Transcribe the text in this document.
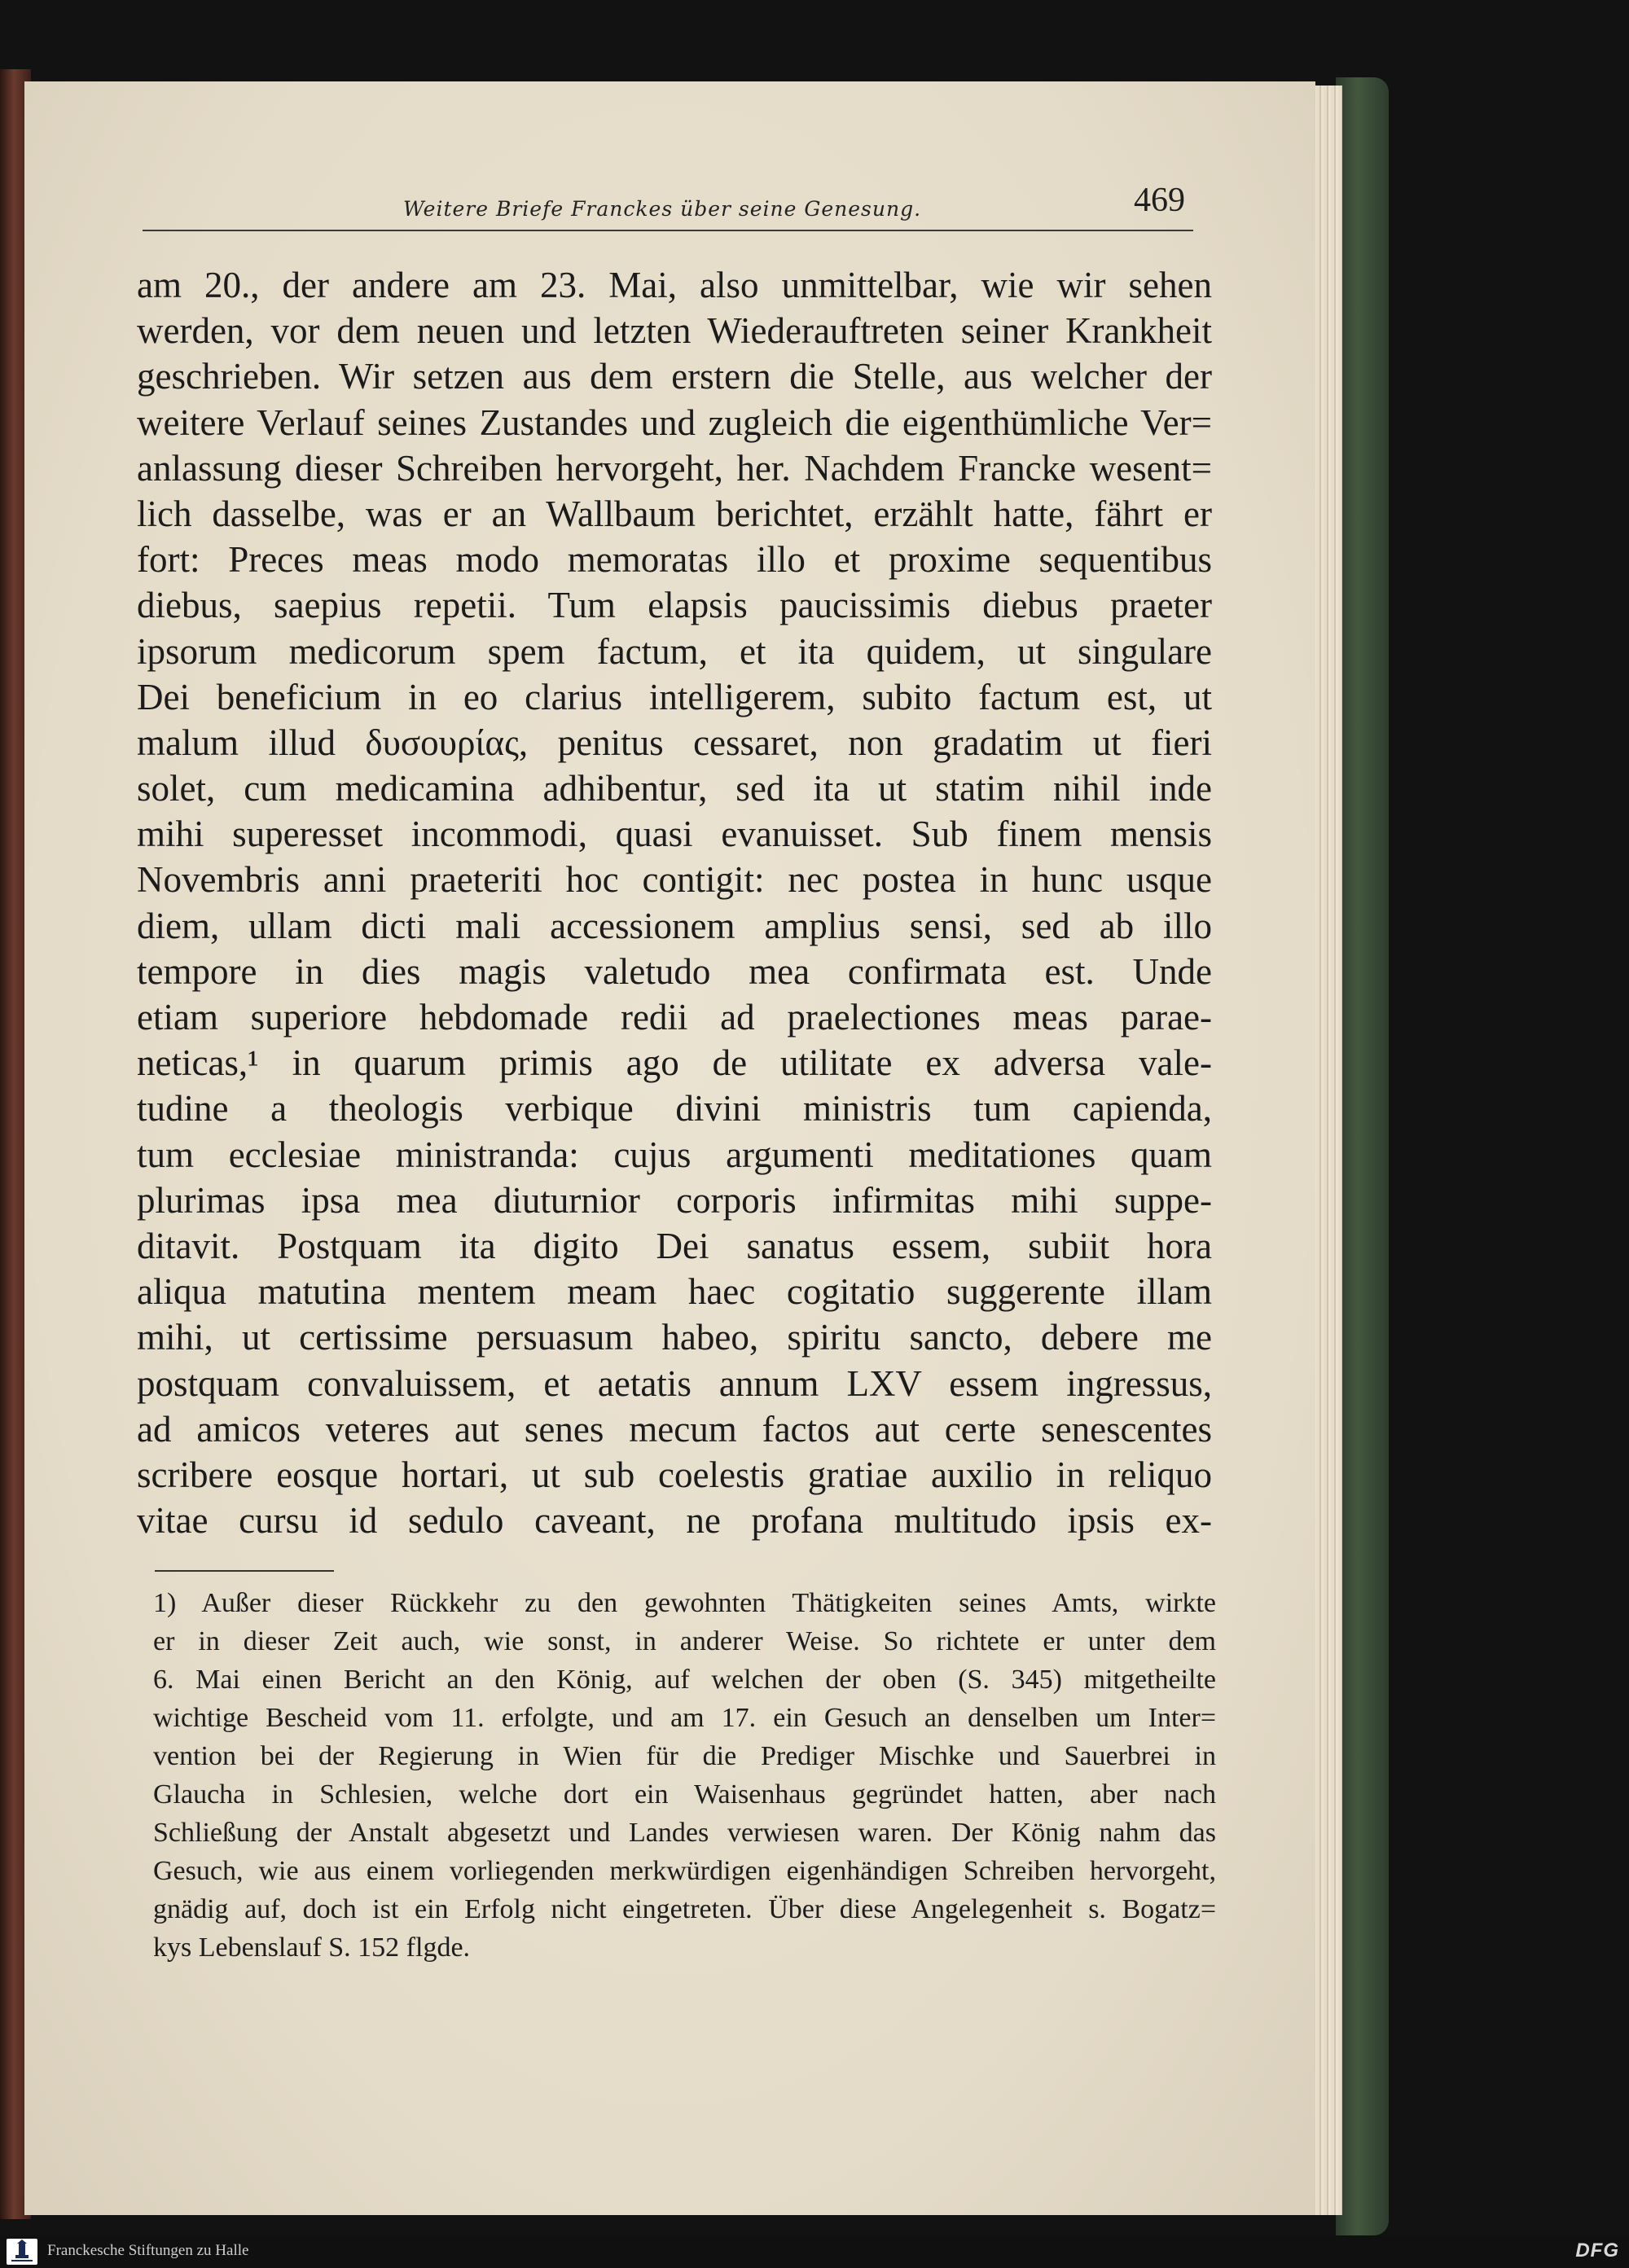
Weitere Briefe Franckes über seine Genesung.	469
am 20., der andere am 23. Mai, also unmittelbar, wie wir sehen
werden, vor dem neuen und letzten Wiederauftreten seiner Krankheit
geschrieben. Wir setzen aus dem erstern die Stelle, aus welcher der
weitere Verlauf seines Zustandes und zugleich die eigenthümliche Ver=
anlassung dieser Schreiben hervorgeht, her. Nachdem Francke wesent=
lich dasselbe, was er an Wallbaum berichtet, erzählt hatte, fährt er
fort: Preces meas modo memoratas illo et proxime sequentibus
diebus, saepius repetii. Tum elapsis paucissimis diebus praeter
ipsorum medicorum spem factum, et ita quidem, ut singulare
Dei beneficium in eo clarius intelligerem, subito factum est, ut
malum illud δυσουρίας, penitus cessaret, non gradatim ut fieri
solet, cum medicamina adhibentur, sed ita ut statim nihil inde
mihi superesset incommodi, quasi evanuisset. Sub finem mensis
Novembris anni praeteriti hoc contigit: nec postea in hunc usque
diem, ullam dicti mali accessionem amplius sensi, sed ab illo
tempore in dies magis valetudo mea confirmata est. Unde
etiam superiore hebdomade redii ad praelectiones meas parae-
neticas,¹ in quarum primis ago de utilitate ex adversa vale-
tudine a theologis verbique divini ministris tum capienda,
tum ecclesiae ministranda: cujus argumenti meditationes quam
plurimas ipsa mea diuturnior corporis infirmitas mihi suppe-
ditavit. Postquam ita digito Dei sanatus essem, subiit hora
aliqua matutina mentem meam haec cogitatio suggerente illam
mihi, ut certissime persuasum habeo, spiritu sancto, debere me
postquam convaluissem, et aetatis annum LXV essem ingressus,
ad amicos veteres aut senes mecum factos aut certe senescentes
scribere eosque hortari, ut sub coelestis gratiae auxilio in reliquo
vitae cursu id sedulo caveant, ne profana multitudo ipsis ex-
1) Außer dieser Rückkehr zu den gewohnten Thätigkeiten seines Amts, wirkte
er in dieser Zeit auch, wie sonst, in anderer Weise. So richtete er unter dem
6. Mai einen Bericht an den König, auf welchen der oben (S. 345) mitgetheilte
wichtige Bescheid vom 11. erfolgte, und am 17. ein Gesuch an denselben um Inter=
vention bei der Regierung in Wien für die Prediger Mischke und Sauerbrei in
Glaucha in Schlesien, welche dort ein Waisenhaus gegründet hatten, aber nach
Schließung der Anstalt abgesetzt und Landes verwiesen waren. Der König nahm das
Gesuch, wie aus einem vorliegenden merkwürdigen eigenhändigen Schreiben hervorgeht,
gnädig auf, doch ist ein Erfolg nicht eingetreten. Über diese Angelegenheit s. Bogatz=
kys Lebenslauf S. 152 flgde.
Franckesche Stiftungen zu Halle	DFG
